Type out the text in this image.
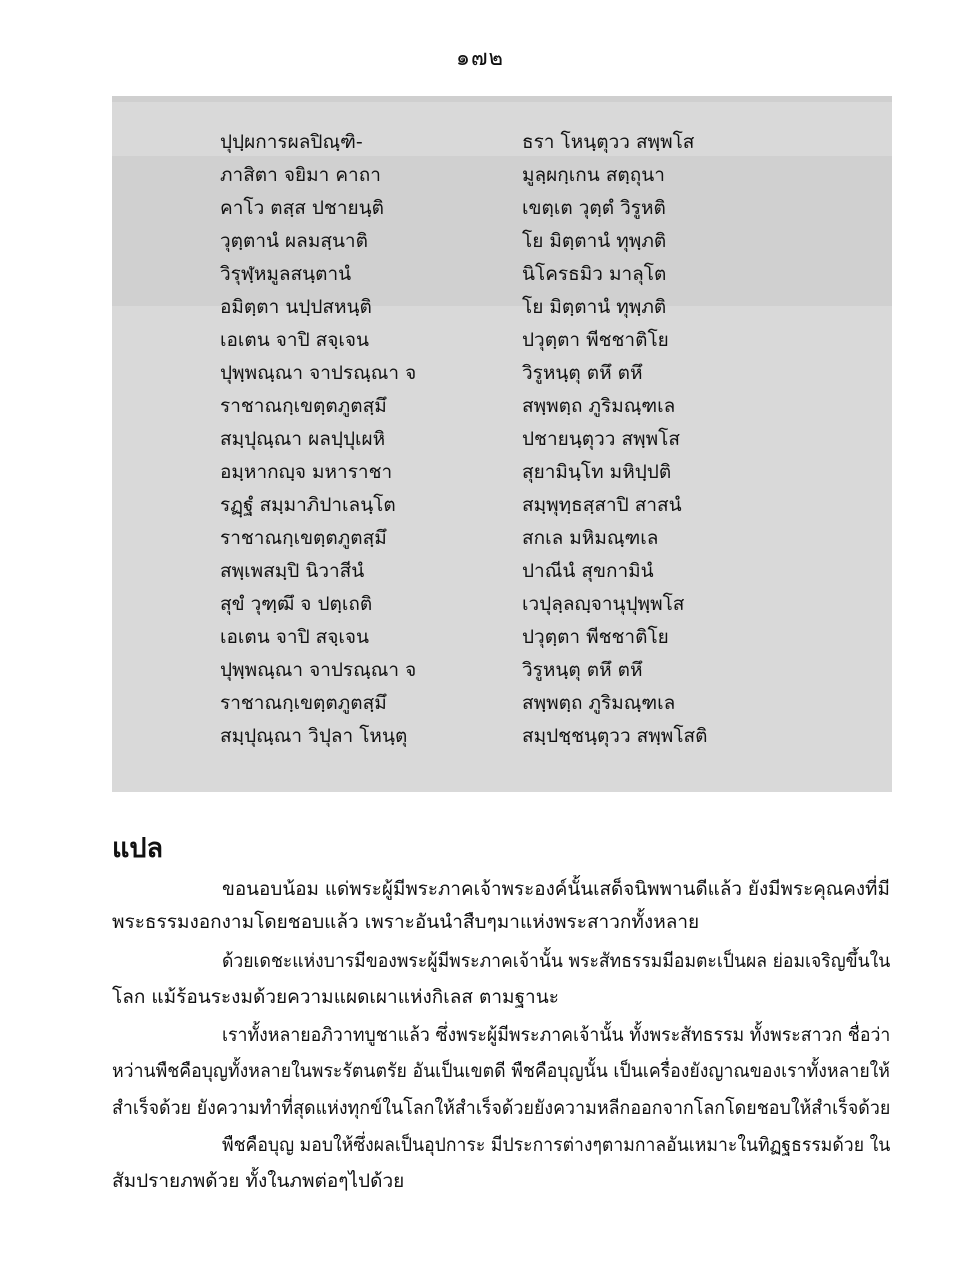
๑๗๒
ปุปฺผการผลปิณฺฑิ-	ธรา โหนฺตุวว สพฺพโส
ภาสิตา จยิมา คาถา	มูลฺผกฺเกน สตฺถุนา
คาโว ตสฺส ปชายนฺติ	เขตฺเต วุตฺตํ วิรูหติ
วุตฺตานํ ผลมสฺนาติ	โย มิตฺตานํ ทุพฺภติ
วิรุฬฺหมูลสนฺตานํ	นิโครธมิว มาลุโต
อมิตฺตา นปฺปสหนฺติ	โย มิตฺตานํ ทุพฺภติ
เอเตน จาปิ สจฺเจน	ปวุตฺตา พีชชาติโย
ปุพฺพณฺณา จาปรณฺณา จ	วิรูหนฺตุ ตหึ ตหึ
ราชาณกฺเขตฺตภูตสฺมึ	สพฺพตฺถ ภูริมณฺฑเล
สมฺปุณฺณา ผลปฺปุเผหิ	ปชายนฺตุวว สพฺพโส
อมฺหากญฺจ มหาราชา	สุยามินฺโท มหิปฺปติ
รฏฺฐํ สมฺมาภิปาเลนฺโต	สมฺพุทฺธสฺสาปิ สาสนํ
ราชาณกฺเขตฺตภูตสฺมึ	สกเล มหิมณฺฑเล
สพฺเพสมฺปิ นิวาสีนํ	ปาณีนํ สุขกามินํ
สุขํ วุฑฺฒึ จ ปตฺเถติ	เวปุลฺลญฺจานุปุพฺพโส
เอเตน จาปิ สจฺเจน	ปวุตฺตา พีชชาติโย
ปุพฺพณฺณา จาปรณฺณา จ	วิรูหนฺตุ ตหึ ตหึ
ราชาณกฺเขตฺตภูตสฺมึ	สพฺพตฺถ ภูริมณฺฑเล
สมฺปุณฺณา วิปุลา โหนฺตุ	สมฺปชฺชนฺตุวว สพฺพโสติ
แปล
ขอนอบน้อม แด่พระผู้มีพระภาคเจ้าพระองค์นั้นเสด็จนิพพานดีแล้ว ยังมีพระคุณคงที่มี
พระธรรมงอกงามโดยชอบแล้ว เพราะอันนำสืบๆมาแห่งพระสาวกทั้งหลาย
ด้วยเดชะแห่งบารมีของพระผู้มีพระภาคเจ้านั้น พระสัทธรรมมีอมตะเป็นผล ย่อมเจริญขึ้นใน
โลก แม้ร้อนระงมด้วยความแผดเผาแห่งกิเลส ตามฐานะ
เราทั้งหลายอภิวาทบูชาแล้ว ซึ่งพระผู้มีพระภาคเจ้านั้น ทั้งพระสัทธรรม ทั้งพระสาวก ชื่อว่า
หว่านพืชคือบุญทั้งหลายในพระรัตนตรัย อันเป็นเขตดี พืชคือบุญนั้น เป็นเครื่องยังญาณของเราทั้งหลายให้
สำเร็จด้วย ยังความทำที่สุดแห่งทุกข์ในโลกให้สำเร็จด้วยยังความหลีกออกจากโลกโดยชอบให้สำเร็จด้วย
พืชคือบุญ มอบให้ซึ่งผลเป็นอุปการะ มีประการต่างๆตามกาลอันเหมาะในทิฏฐธรรมด้วย ใน
สัมปรายภพด้วย ทั้งในภพต่อๆไปด้วย
